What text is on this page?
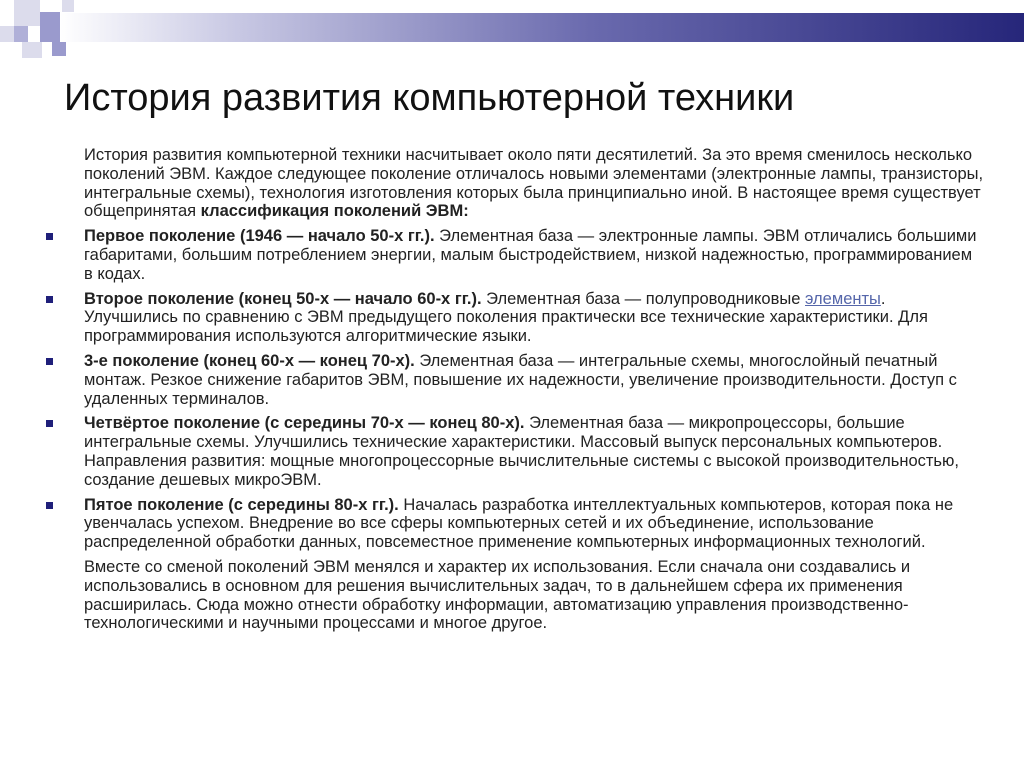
История развития компьютерной техники

История развития компьютерной техники насчитывает около пяти десятилетий. За это время сменилось несколько поколений ЭВМ. Каждое следующее поколение отличалось новыми элементами (электронные лампы, транзисторы, интегральные схемы), технология изготовления которых была принципиально иной. В настоящее время существует общепринятая классификация поколений ЭВМ:

Первое поколение (1946 — начало 50-х гг.). Элементная база — электронные лампы. ЭВМ отличались большими габаритами, большим потреблением энергии, малым быстродействием, низкой надежностью, программированием в кодах.
Второе поколение (конец 50-х — начало 60-х гг.). Элементная база — полупроводниковые элементы. Улучшились по сравнению с ЭВМ предыдущего поколения практически все технические характеристики. Для программирования используются алгоритмические языки.
3-е поколение (конец 60-х — конец 70-х). Элементная база — интегральные схемы, многослойный печатный монтаж. Резкое снижение габаритов ЭВМ, повышение их надежности, увеличение производительности. Доступ с удаленных терминалов.
Четвёртое поколение (с середины 70-х — конец 80-х). Элементная база — микропроцессоры, большие интегральные схемы. Улучшились технические характеристики. Массовый выпуск персональных компьютеров. Направления развития: мощные многопроцессорные вычислительные системы с высокой производительностью, создание дешевых микроЭВМ.
Пятое поколение (с середины 80-х гг.). Началась разработка интеллектуальных компьютеров, которая пока не увенчалась успехом. Внедрение во все сферы компьютерных сетей и их объединение, использование распределенной обработки данных, повсеместное применение компьютерных информационных технологий.

Вместе со сменой поколений ЭВМ менялся и характер их использования. Если сначала они создавались и использовались в основном для решения вычислительных задач, то в дальнейшем сфера их применения расширилась. Сюда можно отнести обработку информации, автоматизацию управления производственно-технологическими и научными процессами и многое другое.
